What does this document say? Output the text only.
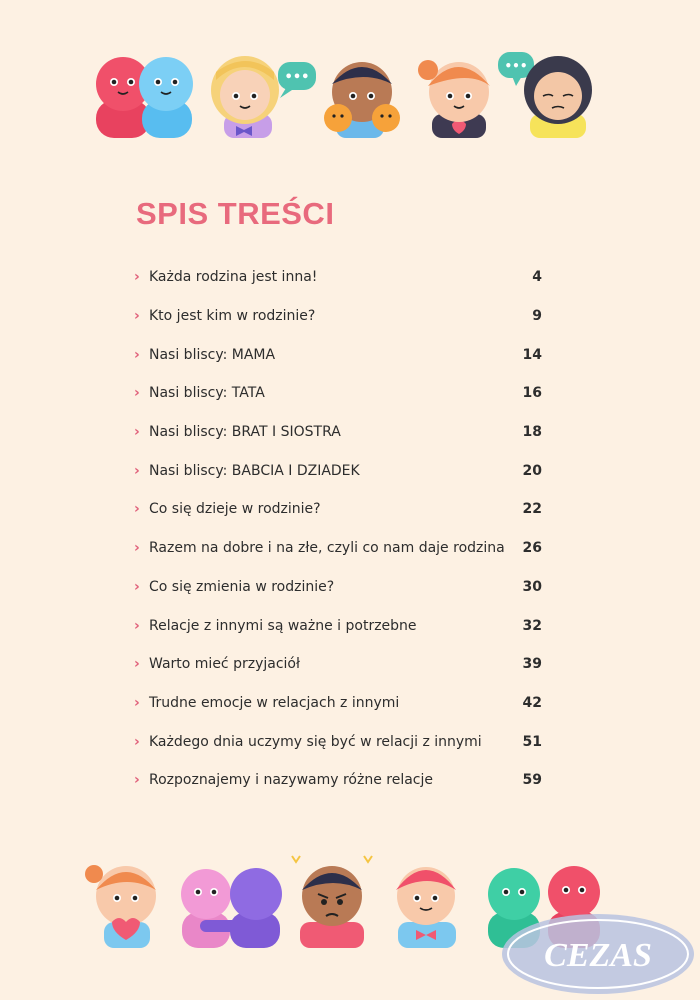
•••
•••
SPIS TREŚCI
› Każda rodzina jest inna!	4
› Kto jest kim w rodzinie?	9
› Nasi bliscy: MAMA	14
› Nasi bliscy: TATA	16
› Nasi bliscy: BRAT I SIOSTRA	18
› Nasi bliscy: BABCIA I DZIADEK	20
› Co się dzieje w rodzinie?	22
› Razem na dobre i na złe, czyli co nam daje rodzina	26
› Co się zmienia w rodzinie?	30
› Relacje z innymi są ważne i potrzebne	32
› Warto mieć przyjaciół	39
› Trudne emocje w relacjach z innymi	42
› Każdego dnia uczymy się być w relacji z innymi	51
› Rozpoznajemy i nazywamy różne relacje	59
CEZAS
